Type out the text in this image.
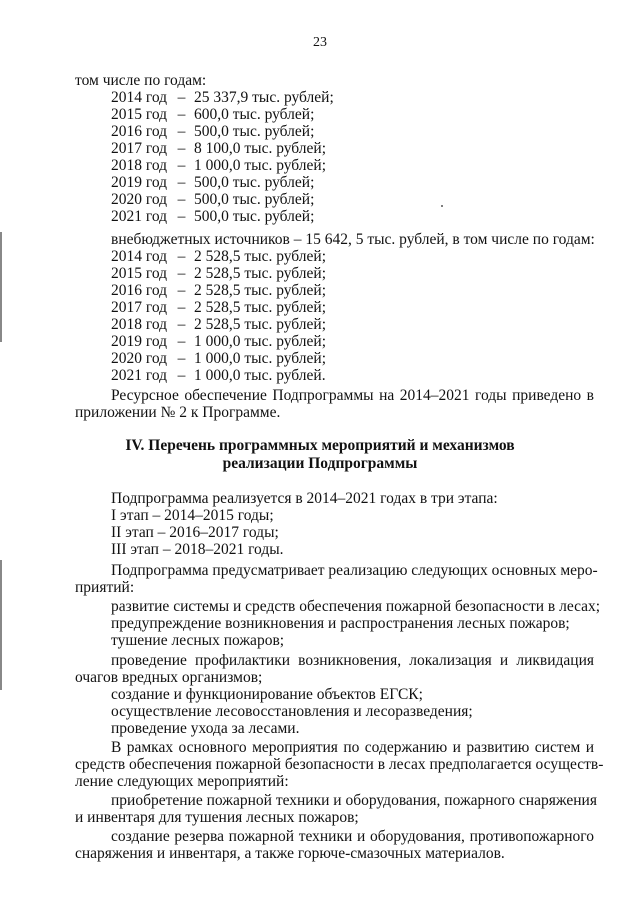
23
том числе по годам:
2014 год – 25 337,9 тыс. рублей;
2015 год – 600,0 тыс. рублей;
2016 год – 500,0 тыс. рублей;
2017 год – 8 100,0 тыс. рублей;
2018 год – 1 000,0 тыс. рублей;
2019 год – 500,0 тыс. рублей;
2020 год – 500,0 тыс. рублей;
2021 год – 500,0 тыс. рублей;
внебюджетных источников – 15 642, 5 тыс. рублей, в том числе по годам:
2014 год – 2 528,5 тыс. рублей;
2015 год – 2 528,5 тыс. рублей;
2016 год – 2 528,5 тыс. рублей;
2017 год – 2 528,5 тыс. рублей;
2018 год – 2 528,5 тыс. рублей;
2019 год – 1 000,0 тыс. рублей;
2020 год – 1 000,0 тыс. рублей;
2021 год – 1 000,0 тыс. рублей.
Ресурсное обеспечение Подпрограммы на 2014–2021 годы приведено в
приложении № 2 к Программе.
IV. Перечень программных мероприятий и механизмов
реализации Подпрограммы
Подпрограмма реализуется в 2014–2021 годах в три этапа:
I этап – 2014–2015 годы;
II этап – 2016–2017 годы;
III этап – 2018–2021 годы.
Подпрограмма предусматривает реализацию следующих основных меро-
приятий:
развитие системы и средств обеспечения пожарной безопасности в лесах;
предупреждение возникновения и распространения лесных пожаров;
тушение лесных пожаров;
проведение профилактики возникновения, локализация и ликвидация
очагов вредных организмов;
создание и функционирование объектов ЕГСК;
осуществление лесовосстановления и лесоразведения;
проведение ухода за лесами.
В рамках основного мероприятия по содержанию и развитию систем и
средств обеспечения пожарной безопасности в лесах предполагается осуществ-
ление следующих мероприятий:
приобретение пожарной техники и оборудования, пожарного снаряжения
и инвентаря для тушения лесных пожаров;
создание резерва пожарной техники и оборудования, противопожарного
снаряжения и инвентаря, а также горюче-смазочных материалов.
